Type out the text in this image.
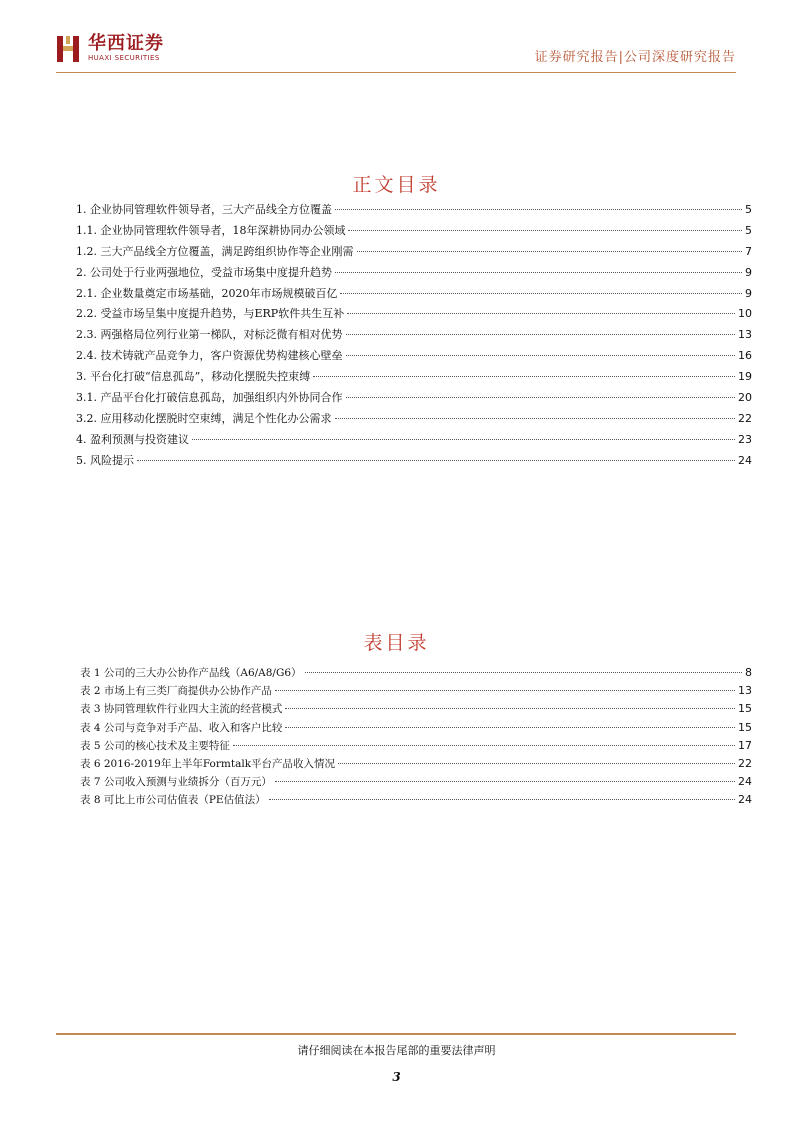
华西证券
HUAXI SECURITIES	证券研究报告|公司深度研究报告
正文目录
1. 企业协同管理软件领导者，三大产品线全方位覆盖	5
1.1. 企业协同管理软件领导者，18年深耕协同办公领域	5
1.2. 三大产品线全方位覆盖，满足跨组织协作等企业刚需	7
2. 公司处于行业两强地位，受益市场集中度提升趋势	9
2.1. 企业数量奠定市场基础，2020年市场规模破百亿	9
2.2. 受益市场呈集中度提升趋势，与ERP软件共生互补	10
2.3. 两强格局位列行业第一梯队，对标泛微有相对优势	13
2.4. 技术铸就产品竞争力，客户资源优势构建核心壁垒	16
3. 平台化打破“信息孤岛”，移动化摆脱失控束缚	19
3.1. 产品平台化打破信息孤岛，加强组织内外协同合作	20
3.2. 应用移动化摆脱时空束缚，满足个性化办公需求	22
4. 盈利预测与投资建议	23
5. 风险提示	24
表目录
表 1 公司的三大办公协作产品线（A6/A8/G6）	8
表 2 市场上有三类厂商提供办公协作产品	13
表 3 协同管理软件行业四大主流的经营模式	15
表 4 公司与竞争对手产品、收入和客户比较	15
表 5 公司的核心技术及主要特征	17
表 6 2016-2019年上半年Formtalk平台产品收入情况	22
表 7 公司收入预测与业绩拆分（百万元）	24
表 8 可比上市公司估值表（PE估值法）	24
请仔细阅读在本报告尾部的重要法律声明
3
